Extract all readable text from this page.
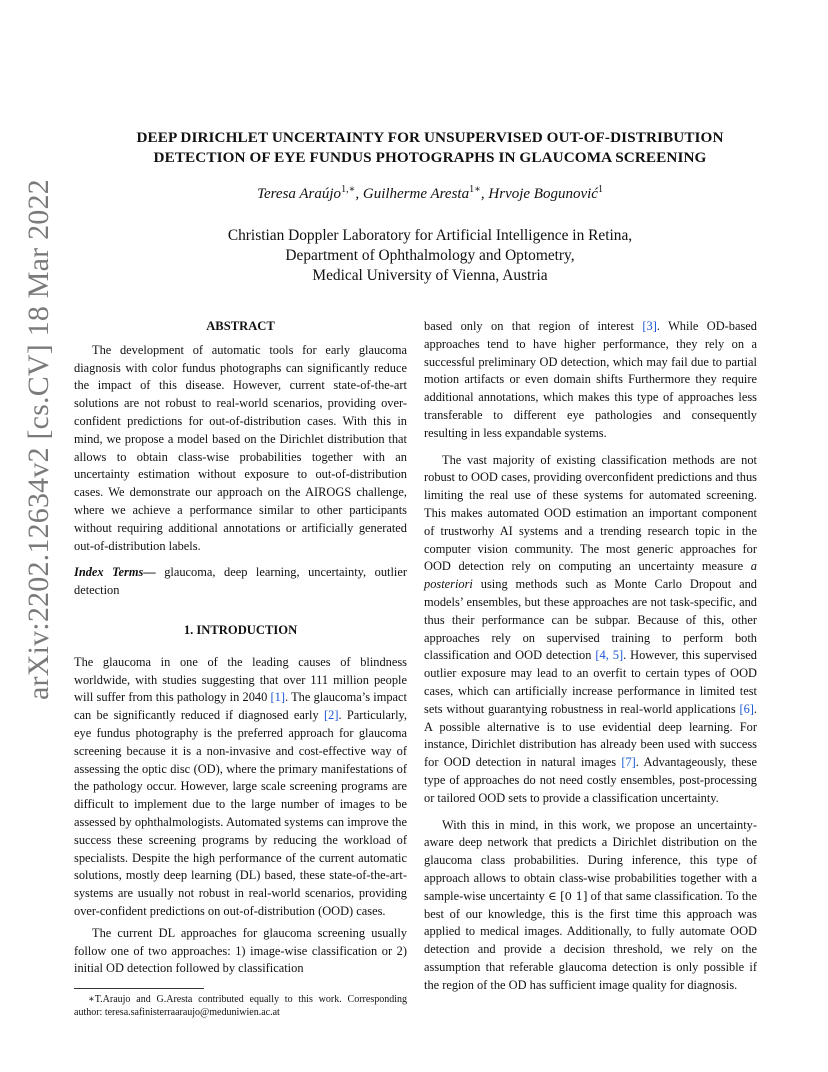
arXiv:2202.12634v2 [cs.CV] 18 Mar 2022
DEEP DIRICHLET UNCERTAINTY FOR UNSUPERVISED OUT-OF-DISTRIBUTION
DETECTION OF EYE FUNDUS PHOTOGRAPHS IN GLAUCOMA SCREENING
Teresa Araújo$^{1,∗}$, Guilherme Aresta$^{1∗}$, Hrvoje Bogunović$^1$
Christian Doppler Laboratory for Artificial Intelligence in Retina,
Department of Ophthalmology and Optometry,
Medical University of Vienna, Austria
ABSTRACT

The development of automatic tools for early glaucoma diagnosis with color fundus photographs can significantly reduce the impact of this disease. However, current state-of-the-art solutions are not robust to real-world scenarios, providing over-confident predictions for out-of-distribution cases. With this in mind, we propose a model based on the Dirichlet distribution that allows to obtain class-wise probabilities together with an uncertainty estimation without exposure to out-of-distribution cases. We demonstrate our approach on the AIROGS challenge, where we achieve a performance similar to other participants without requiring additional annotations or artificially generated out-of-distribution labels.

Index Terms— glaucoma, deep learning, uncertainty, outlier detection

1. INTRODUCTION

The glaucoma in one of the leading causes of blindness worldwide, with studies suggesting that over 111 million people will suffer from this pathology in 2040 [1]. The glaucoma’s impact can be significantly reduced if diagnosed early [2]. Particularly, eye fundus photography is the preferred approach for glaucoma screening because it is a non-invasive and cost-effective way of assessing the optic disc (OD), where the primary manifestations of the pathology occur. However, large scale screening programs are difficult to implement due to the large number of images to be assessed by ophthalmologists. Automated systems can improve the success these screening programs by reducing the workload of specialists. Despite the high performance of the current automatic solutions, mostly deep learning (DL) based, these state-of-the-art-systems are usually not robust in real-world scenarios, providing over-confident predictions on out-of-distribution (OOD) cases.

The current DL approaches for glaucoma screening usually follow one of two approaches: 1) image-wise classification or 2) initial OD detection followed by classification

∗T.Araujo and G.Aresta contributed equally to this work. Corresponding author: teresa.safinisterraaraujo@meduniwien.ac.at

based only on that region of interest [3]. While OD-based approaches tend to have higher performance, they rely on a successful preliminary OD detection, which may fail due to partial motion artifacts or even domain shifts Furthermore they require additional annotations, which makes this type of approaches less transferable to different eye pathologies and consequently resulting in less expandable systems.

The vast majority of existing classification methods are not robust to OOD cases, providing overconfident predictions and thus limiting the real use of these systems for automated screening. This makes automated OOD estimation an important component of trustworhy AI systems and a trending research topic in the computer vision community. The most generic approaches for OOD detection rely on computing an uncertainty measure a posteriori using methods such as Monte Carlo Dropout and models’ ensembles, but these approaches are not task-specific, and thus their performance can be subpar. Because of this, other approaches rely on supervised training to perform both classification and OOD detection [4, 5]. However, this supervised outlier exposure may lead to an overfit to certain types of OOD cases, which can artificially increase performance in limited test sets without guarantying robustness in real-world applications [6]. A possible alternative is to use evidential deep learning. For instance, Dirichlet distribution has already been used with success for OOD detection in natural images [7]. Advantageously, these type of approaches do not need costly ensembles, post-processing or tailored OOD sets to provide a classification uncertainty.

With this in mind, in this work, we propose an uncertainty-aware deep network that predicts a Dirichlet distribution on the glaucoma class probabilities. During inference, this type of approach allows to obtain class-wise probabilities together with a sample-wise uncertainty ∈ [0 1] of that same classification. To the best of our knowledge, this is the first time this approach was applied to medical images. Additionally, to fully automate OOD detection and provide a decision threshold, we rely on the assumption that referable glaucoma detection is only possible if the region of the OD has sufficient image quality for diagnosis.
